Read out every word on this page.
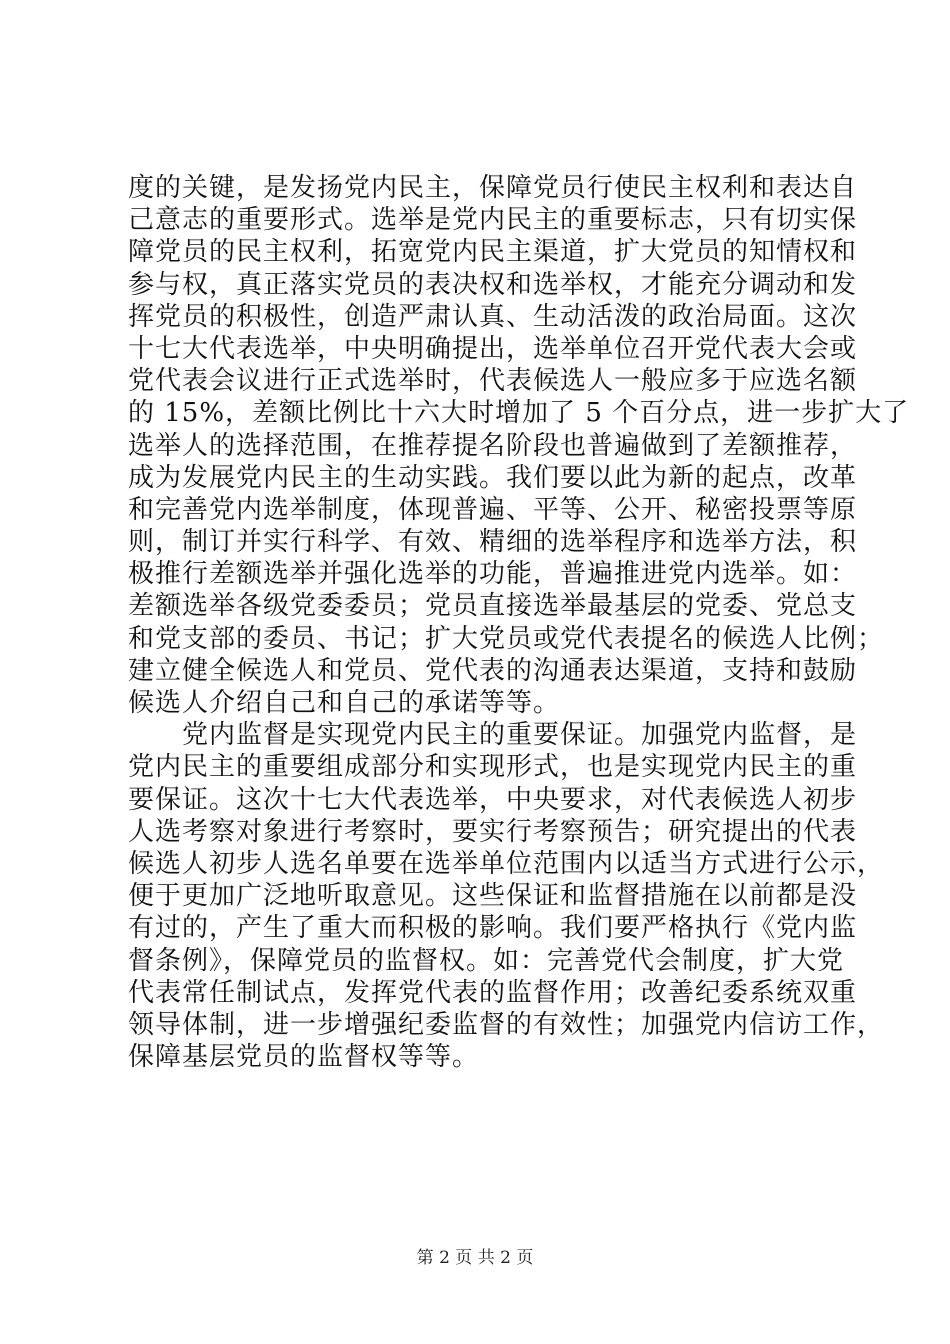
度的关键，是发扬党内民主，保障党员行使民主权利和表达自
己意志的重要形式。选举是党内民主的重要标志，只有切实保
障党员的民主权利，拓宽党内民主渠道，扩大党员的知情权和
参与权，真正落实党员的表决权和选举权，才能充分调动和发
挥党员的积极性，创造严肃认真、生动活泼的政治局面。这次
十七大代表选举，中央明确提出，选举单位召开党代表大会或
党代表会议进行正式选举时，代表候选人一般应多于应选名额
的 15%，差额比例比十六大时增加了 5 个百分点，进一步扩大了
选举人的选择范围，在推荐提名阶段也普遍做到了差额推荐，
成为发展党内民主的生动实践。我们要以此为新的起点，改革
和完善党内选举制度，体现普遍、平等、公开、秘密投票等原
则，制订并实行科学、有效、精细的选举程序和选举方法，积
极推行差额选举并强化选举的功能，普遍推进党内选举。如：
差额选举各级党委委员；党员直接选举最基层的党委、党总支
和党支部的委员、书记；扩大党员或党代表提名的候选人比例；
建立健全候选人和党员、党代表的沟通表达渠道，支持和鼓励
候选人介绍自己和自己的承诺等等。
党内监督是实现党内民主的重要保证。加强党内监督，是
党内民主的重要组成部分和实现形式，也是实现党内民主的重
要保证。这次十七大代表选举，中央要求，对代表候选人初步
人选考察对象进行考察时，要实行考察预告；研究提出的代表
候选人初步人选名单要在选举单位范围内以适当方式进行公示，
便于更加广泛地听取意见。这些保证和监督措施在以前都是没
有过的，产生了重大而积极的影响。我们要严格执行《党内监
督条例》，保障党员的监督权。如：完善党代会制度，扩大党
代表常任制试点，发挥党代表的监督作用；改善纪委系统双重
领导体制，进一步增强纪委监督的有效性；加强党内信访工作，
保障基层党员的监督权等等。
第 2 页 共 2 页
